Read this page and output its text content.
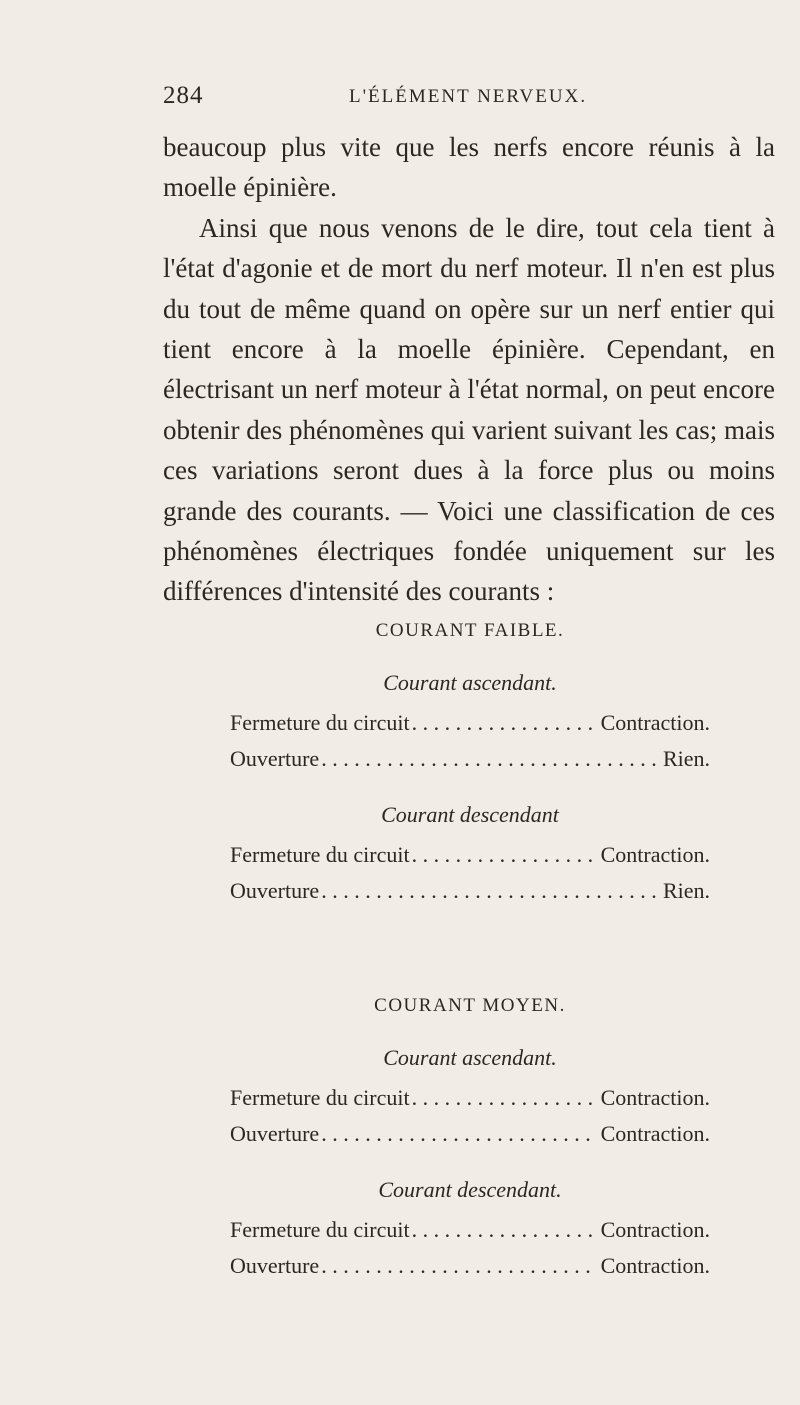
284	L'ÉLÉMENT NERVEUX.

beaucoup plus vite que les nerfs encore réunis à la moelle épinière.

Ainsi que nous venons de le dire, tout cela tient à l'état d'agonie et de mort du nerf moteur. Il n'en est plus du tout de même quand on opère sur un nerf entier qui tient encore à la moelle épinière. Cependant, en électrisant un nerf moteur à l'état normal, on peut encore obtenir des phénomènes qui varient suivant les cas; mais ces variations seront dues à la force plus ou moins grande des courants. — Voici une classification de ces phénomènes électriques fondée uniquement sur les différences d'intensité des courants :

COURANT FAIBLE.

Courant ascendant.

Fermeture du circuit . . .	Contraction.
Ouverture . . .	Rien.

Courant descendant

Fermeture du circuit . . .	Contraction.
Ouverture . . .	Rien.

COURANT MOYEN.

Courant ascendant.

Fermeture du circuit . . .	Contraction.
Ouverture . . .	Contraction.

Courant descendant.

Fermeture du circuit . . .	Contraction.
Ouverture . . .	Contraction.
